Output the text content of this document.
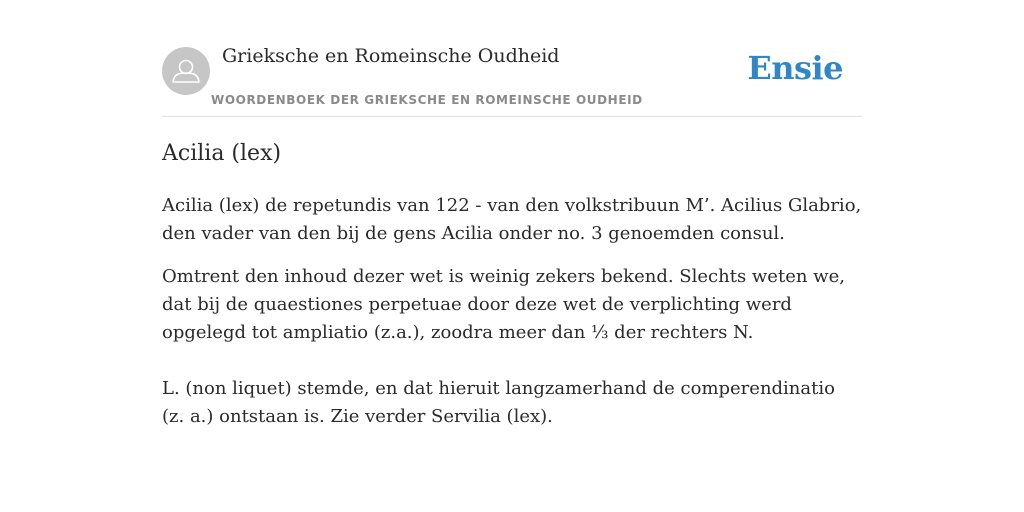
Grieksche en Romeinsche Oudheid
WOORDENBOEK DER GRIEKSCHE EN ROMEINSCHE OUDHEID
Ensie
Acilia (lex)

Acilia (lex) de repetundis van 122 - van den volkstribuun M’. Acilius Glabrio, den vader van den bij de gens Acilia onder no. 3 genoemden consul.

Omtrent den inhoud dezer wet is weinig zekers bekend. Slechts weten we, dat bij de quaestiones perpetuae door deze wet de verplichting werd opgelegd tot ampliatio (z.a.), zoodra meer dan ⅓ der rechters N.

L. (non liquet) stemde, en dat hieruit langzamerhand de comperendinatio (z. a.) ontstaan is. Zie verder Servilia (lex).
